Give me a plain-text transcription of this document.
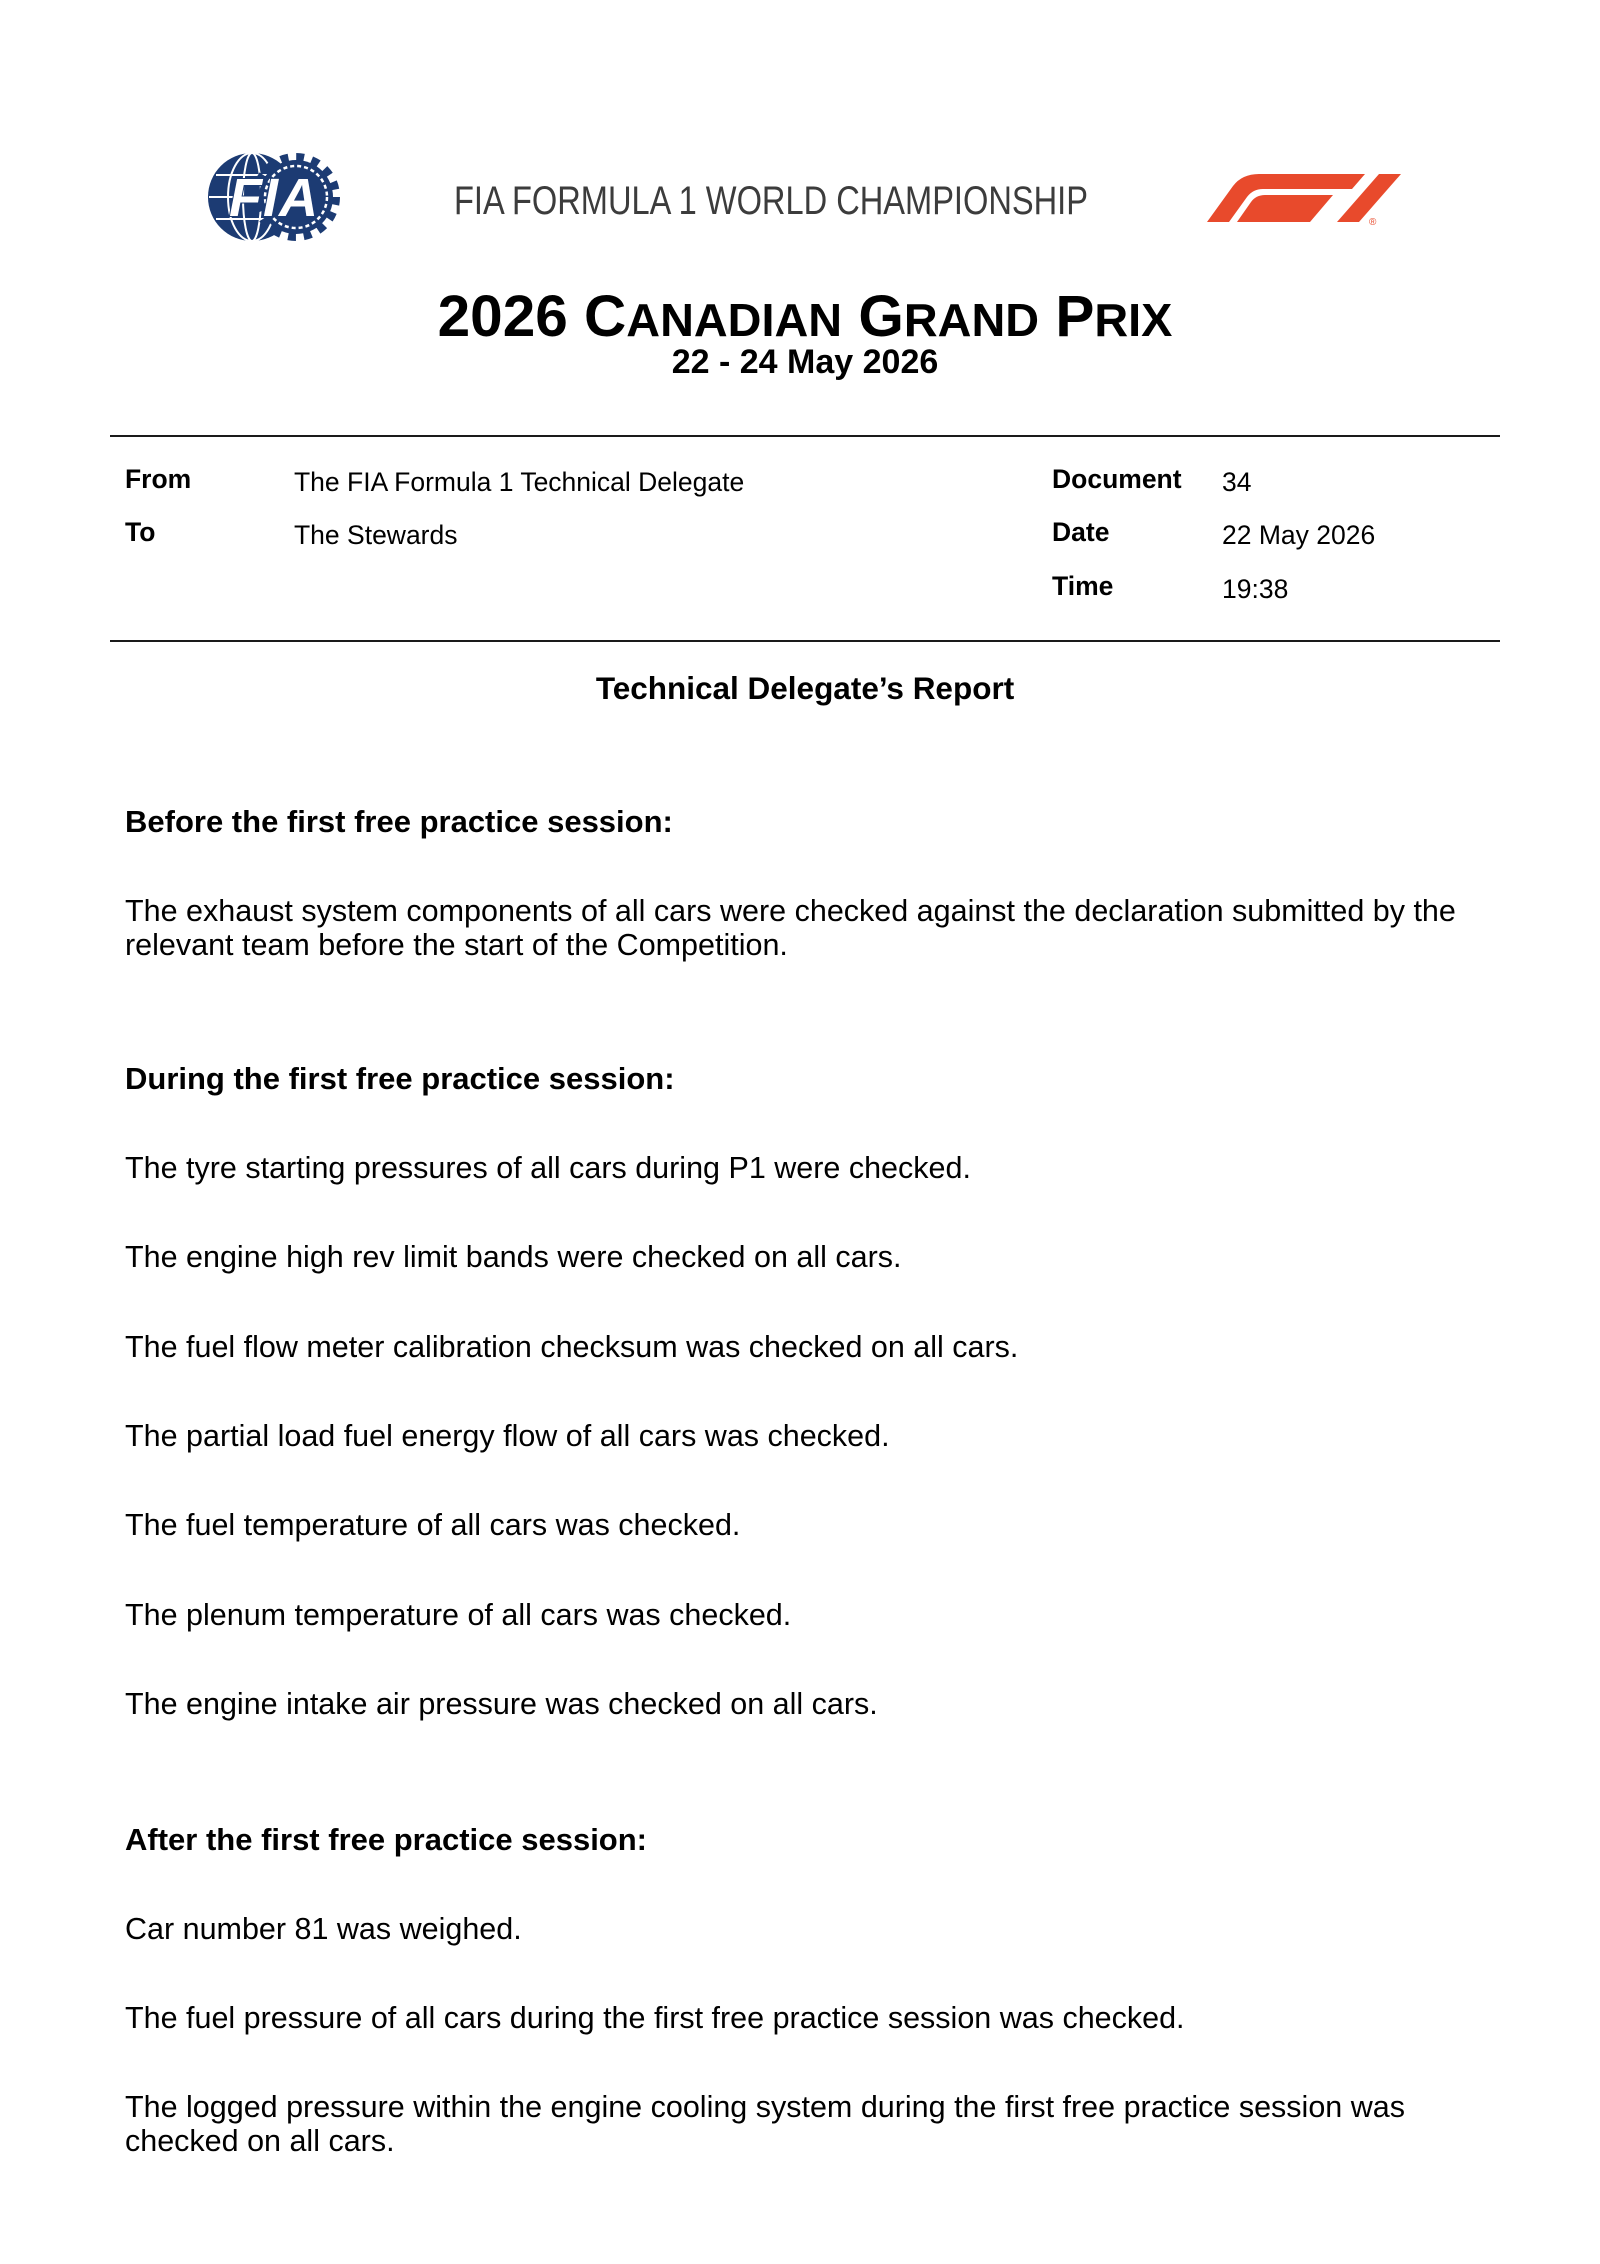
FIA	FIA FORMULA 1 WORLD CHAMPIONSHIP	®
2026 CANADIAN GRAND PRIX
22 - 24 May 2026
From	The FIA Formula 1 Technical Delegate
To	The Stewards
Document 34
Date	22 May 2026
Time	19:38
Technical Delegate’s Report
Before the first free practice session:

The exhaust system components of all cars were checked against the declaration submitted by the relevant team before the start of the Competition.

During the first free practice session:

The tyre starting pressures of all cars during P1 were checked.

The engine high rev limit bands were checked on all cars.

The fuel flow meter calibration checksum was checked on all cars.

The partial load fuel energy flow of all cars was checked.

The fuel temperature of all cars was checked.

The plenum temperature of all cars was checked.

The engine intake air pressure was checked on all cars.

After the first free practice session:

Car number 81 was weighed.

The fuel pressure of all cars during the first free practice session was checked.

The logged pressure within the engine cooling system during the first free practice session was checked on all cars.
